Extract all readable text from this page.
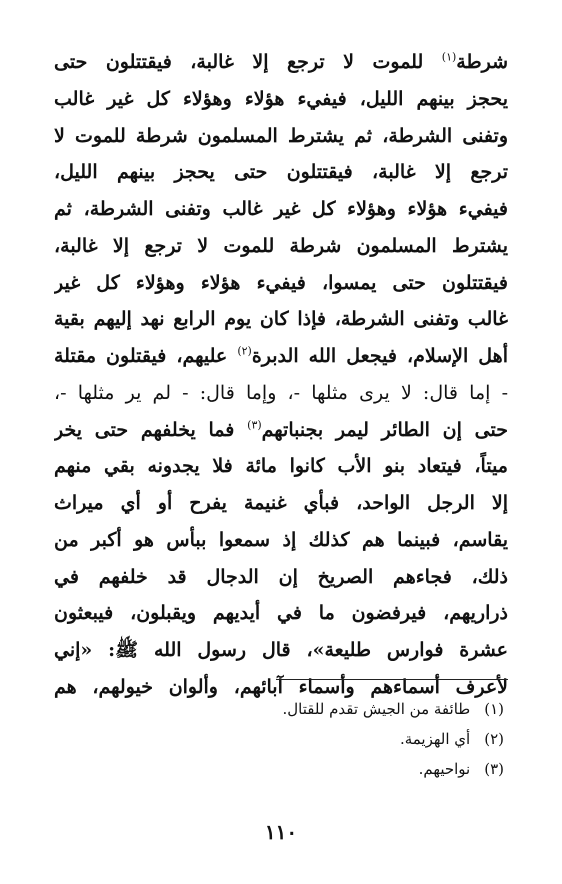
شرطة$^{(١)}$ للموت لا ترجع إلا غالبة، فيقتتلون حتى
يحجز بينهم الليل، فيفيء هؤلاء وهؤلاء كل غير غالب
وتفنى الشرطة، ثم يشترط المسلمون شرطة للموت لا
ترجع إلا غالبة، فيقتتلون حتى يحجز بينهم الليل،
فيفيء هؤلاء وهؤلاء كل غير غالب وتفنى الشرطة، ثم
يشترط المسلمون شرطة للموت لا ترجع إلا غالبة،
فيقتتلون حتى يمسوا، فيفيء هؤلاء وهؤلاء كل غير
غالب وتفنى الشرطة، فإذا كان يوم الرابع نهد إليهم بقية
أهل الإسلام، فيجعل الله الدبرة$^{(٢)}$ عليهم، فيقتلون مقتلة
- إما قال: لا يرى مثلها -، وإما قال: - لم ير مثلها -،
حتى إن الطائر ليمر بجنباتهم$^{(٣)}$ فما يخلفهم حتى يخر
ميتاً، فيتعاد بنو الأب كانوا مائة فلا يجدونه بقي منهم
إلا الرجل الواحد، فبأي غنيمة يفرح أو أي ميراث
يقاسم، فبينما هم كذلك إذ سمعوا ببأس هو أكبر من
ذلك، فجاءهم الصريخ إن الدجال قد خلفهم في
ذراريهم، فيرفضون ما في أيديهم ويقبلون، فيبعثون
عشرة فوارس طليعة»، قال رسول الله ﷺ: «إني
لأعرف أسماءهم وأسماء آبائهم، وألوان خيولهم، هم
(١)طائفة من الجيش تقدم للقتال.
(٢)أي الهزيمة.
(٣)نواحيهم.
١١٠
